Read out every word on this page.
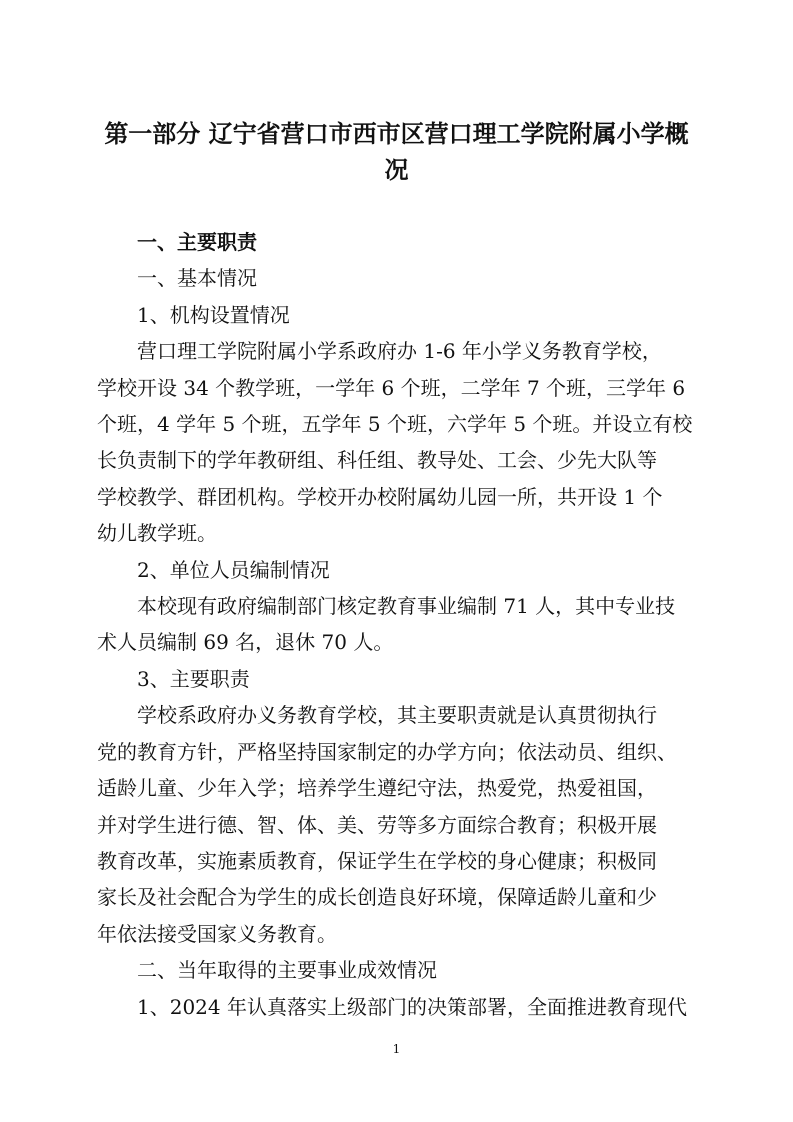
第一部分 辽宁省营口市西市区营口理工学院附属小学概
况
一、主要职责
一、基本情况
1、机构设置情况
营口理工学院附属小学系政府办 1-6 年小学义务教育学校，
学校开设 34 个教学班，一学年 6 个班，二学年 7 个班，三学年 6
个班，4 学年 5 个班，五学年 5 个班，六学年 5 个班。并设立有校
长负责制下的学年教研组、科任组、教导处、工会、少先大队等
学校教学、群团机构。学校开办校附属幼儿园一所，共开设 1 个
幼儿教学班。
2、单位人员编制情况
本校现有政府编制部门核定教育事业编制 71 人，其中专业技
术人员编制 69 名，退休 70 人。
3、主要职责
学校系政府办义务教育学校，其主要职责就是认真贯彻执行
党的教育方针，严格坚持国家制定的办学方向；依法动员、组织、
适龄儿童、少年入学；培养学生遵纪守法，热爱党，热爱祖国，
并对学生进行德、智、体、美、劳等多方面综合教育；积极开展
教育改革，实施素质教育，保证学生在学校的身心健康；积极同
家长及社会配合为学生的成长创造良好环境，保障适龄儿童和少
年依法接受国家义务教育。
二、当年取得的主要事业成效情况
1、2024 年认真落实上级部门的决策部署，全面推进教育现代
1
